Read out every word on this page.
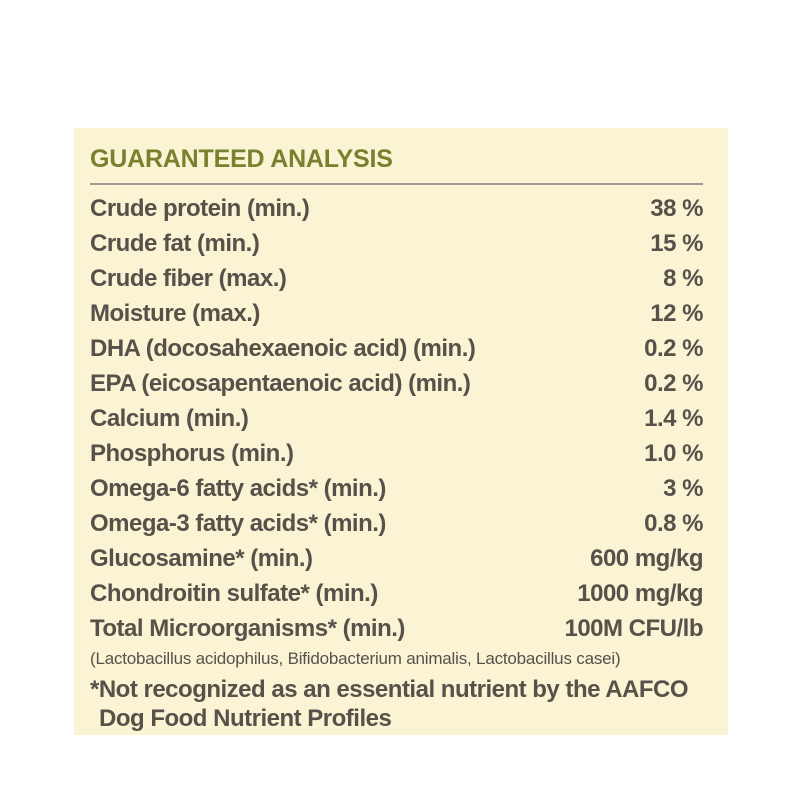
GUARANTEED ANALYSIS
Crude protein (min.)	38 %
Crude fat (min.)	15 %
Crude fiber (max.)	8 %
Moisture (max.)	12 %
DHA (docosahexaenoic acid) (min.)	0.2 %
EPA (eicosapentaenoic acid) (min.)	0.2 %
Calcium (min.)	1.4 %
Phosphorus (min.)	1.0 %
Omega-6 fatty acids* (min.)	3 %
Omega-3 fatty acids* (min.)	0.8 %
Glucosamine* (min.)	600 mg/kg
Chondroitin sulfate* (min.)	1000 mg/kg
Total Microorganisms* (min.)	100M CFU/lb
(Lactobacillus acidophilus, Bifidobacterium animalis, Lactobacillus casei)
*Not recognized as an essential nutrient by the AAFCO
Dog Food Nutrient Profiles
